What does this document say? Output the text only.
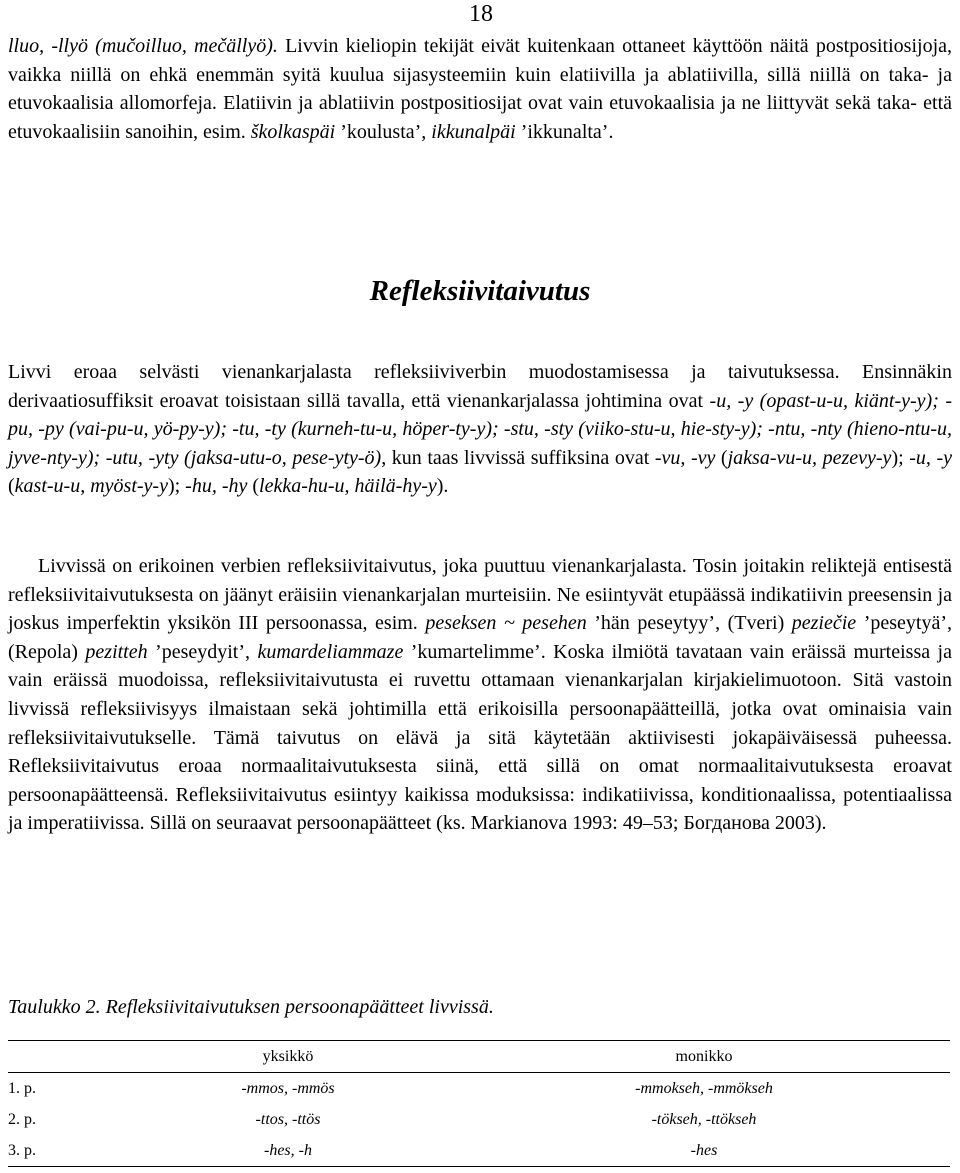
18

lluo, -llyö (mučoilluo, mečällyö). Livvin kieliopin tekijät eivät kuitenkaan ottaneet käyttöön näitä postpositiosijoja, vaikka niillä on ehkä enemmän syitä kuulua sijasysteemiin kuin elatiivilla ja ablatiivilla, sillä niillä on taka- ja etuvokaalisia allomorfeja. Elatiivin ja ablatiivin postpositiosijat ovat vain etuvokaalisia ja ne liittyvät sekä taka- että etuvokaalisiin sanoihin, esim. školkaspäi ’koulusta’, ikkunalpäi ’ikkunalta’.

Refleksiivitaivutus

Livvi eroaa selvästi vienankarjalasta refleksiiviverbin muodostamisessa ja taivutuksessa. Ensinnäkin derivaatiosuffiksit eroavat toisistaan sillä tavalla, että vienankarjalassa johtimina ovat -u, -y (opast-u-u, kiänt-y-y); -pu, -py (vai-pu-u, yö-py-y); -tu, -ty (kurneh-tu-u, höper-ty-y); -stu, -sty (viiko-stu-u, hie-sty-y); -ntu, -nty (hieno-ntu-u, jyve-nty-y); -utu, -yty (jaksa-utu-o, pese-yty-ö), kun taas livvissä suffiksina ovat -vu, -vy (jaksa-vu-u, pezevy-y); -u, -y (kast-u-u, myöst-y-y); -hu, -hy (lekka-hu-u, häilä-hy-y).

Livvissä on erikoinen verbien refleksiivitaivutus, joka puuttuu vienankarjalasta. Tosin joitakin reliktejä entisestä refleksiivitaivutuksesta on jäänyt eräisiin vienankarjalan murteisiin. Ne esiintyvät etupäässä indikatiivin preesensin ja joskus imperfektin yksikön III persoonassa, esim. peseksen ~ pesehen ’hän peseytyy’, (Tveri) peziečie ’peseytyä’, (Repola) pezitteh ’peseydyit’, kumardeliammaze ’kumartelimme’. Koska ilmiötä tavataan vain eräissä murteissa ja vain eräissä muodoissa, refleksiivitaivutusta ei ruvettu ottamaan vienankarjalan kirjakielimuotoon. Sitä vastoin livvissä refleksiivisyys ilmaistaan sekä johtimilla että erikoisilla persoonapäätteillä, jotka ovat ominaisia vain refleksiivitaivutukselle. Tämä taivutus on elävä ja sitä käytetään aktiivisesti jokapäiväisessä puheessa. Refleksiivitaivutus eroaa normaalitaivutuksesta siinä, että sillä on omat normaalitaivutuksesta eroavat persoonapäätteensä. Refleksiivitaivutus esiintyy kaikissa moduksissa: indikatiivissa, konditionaalissa, potentiaalissa ja imperatiivissa. Sillä on seuraavat persoonapäätteet (ks. Markianova 1993: 49–53; Богданова 2003).

Taulukko 2. Refleksiivitaivutuksen persoonapäätteet livvissä.
	yksikkö	monikko
1. p.	-mmos, -mmös	-mmokseh, -mmökseh
2. p.	-ttos, -ttös	-tökseh, -ttökseh
3. p.	-hes, -h	-hes
